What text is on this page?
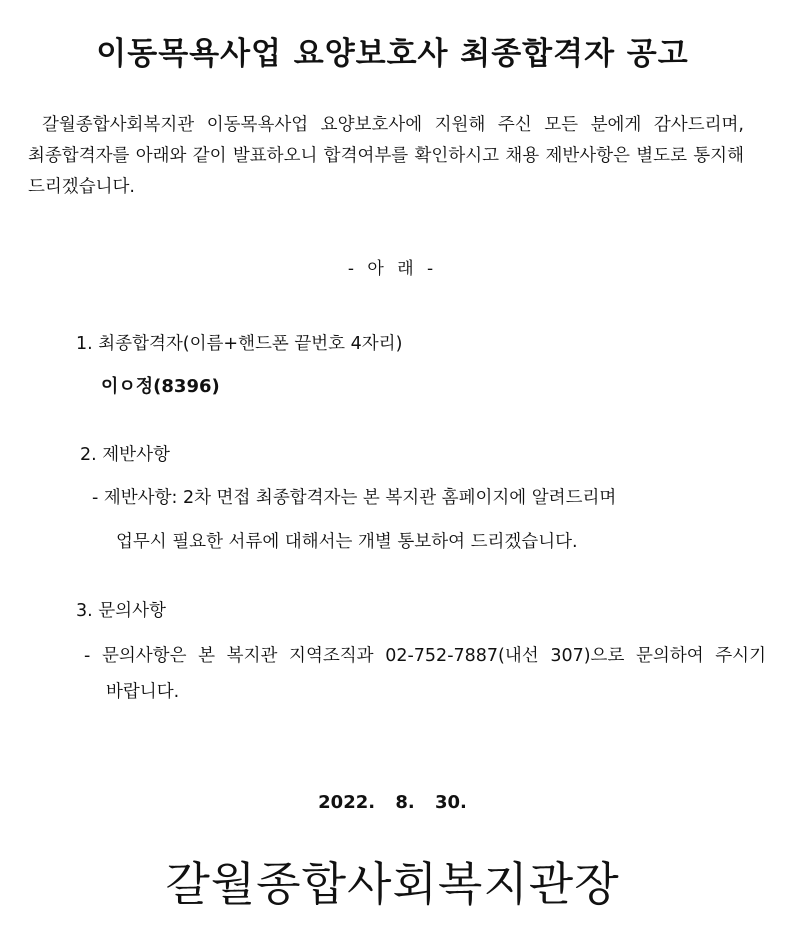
이동목욕사업 요양보호사 최종합격자 공고
갈월종합사회복지관 이동목욕사업 요양보호사에 지원해 주신 모든 분에게 감사드리며, 최종합격자를 아래와 같이 발표하오니 합격여부를 확인하시고 채용 제반사항은 별도로 통지해 드리겠습니다.
- 아 래 -
1. 최종합격자(이름+핸드폰 끝번호 4자리)
이ㅇ정(8396)
2. 제반사항
- 제반사항: 2차 면접 최종합격자는 본 복지관 홈페이지에 알려드리며
업무시 필요한 서류에 대해서는 개별 통보하여 드리겠습니다.
3. 문의사항
- 문의사항은 본 복지관 지역조직과 02-752-7887(내선 307)으로 문의하여 주시기 바랍니다.
2022. 8. 30.
갈월종합사회복지관장
